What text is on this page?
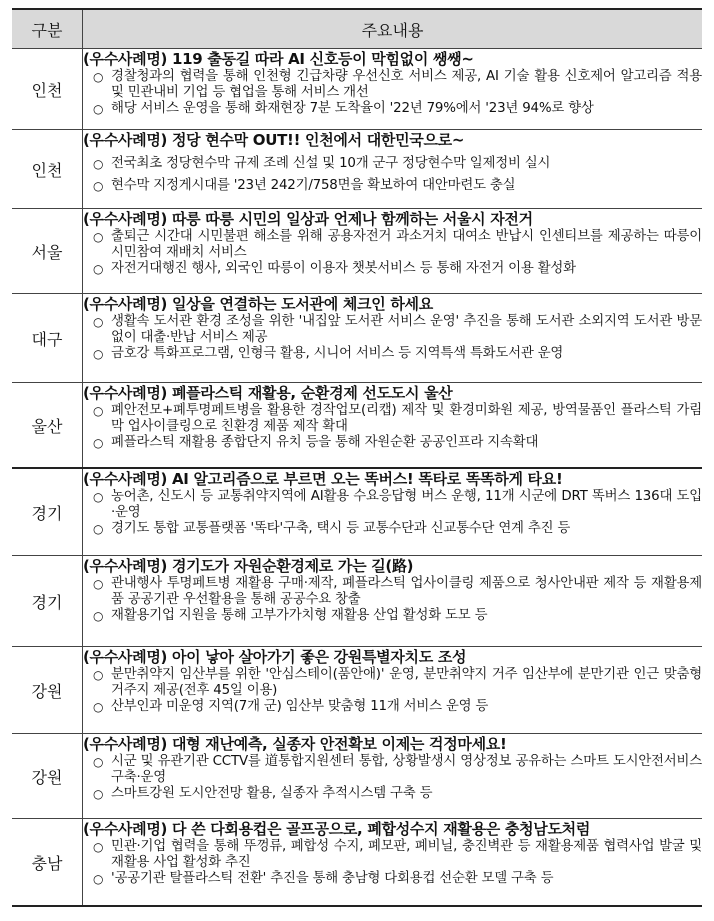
구분	주요내용
인천	(우수사례명) 119 출동길 따라 AI 신호등이 막힘없이 쌩쌩~
○ 경찰청과의 협력을 통해 인천형 긴급차량 우선신호 서비스 제공, AI 기술 활용 신호제어 알고리즘 적용 및 민관내비 기업 등 협업을 통해 서비스 개선
○ 해당 서비스 운영을 통해 화재현장 7분 도착율이 '22년 79%에서 '23년 94%로 향상

인천	(우수사례명) 정당 현수막 OUT!! 인천에서 대한민국으로~
○ 전국최초 정당현수막 규제 조례 신설 및 10개 군구 정당현수막 일제정비 실시
○ 현수막 지정게시대를 '23년 242기/758면을 확보하여 대안마련도 충실

서울	(우수사례명) 따릉 따릉 시민의 일상과 언제나 함께하는 서울시 자전거
○ 출퇴근 시간대 시민불편 해소를 위해 공용자전거 과소거치 대여소 반납시 인센티브를 제공하는 따릉이 시민참여 재배치 서비스
○ 자전거대행진 행사, 외국인 따릉이 이용자 챗봇서비스 등 통해 자전거 이용 활성화

대구	(우수사례명) 일상을 연결하는 도서관에 체크인 하세요
○ 생활속 도서관 환경 조성을 위한 '내집앞 도서관 서비스 운영' 추진을 통해 도서관 소외지역 도서관 방문없이 대출·반납 서비스 제공
○ 금호강 특화프로그램, 인형극 활용, 시니어 서비스 등 지역특색 특화도서관 운영

울산	(우수사례명) 폐플라스틱 재활용, 순환경제 선도도시 울산
○ 폐안전모+폐투명페트병을 활용한 경작업모(리캡) 제작 및 환경미화원 제공, 방역물품인 플라스틱 가림막 업사이클링으로 친환경 제품 제작 확대
○ 폐플라스틱 재활용 종합단지 유치 등을 통해 자원순환 공공인프라 지속확대

경기	(우수사례명) AI 알고리즘으로 부르면 오는 똑버스! 똑타로 똑똑하게 타요!
○ 농어촌, 신도시 등 교통취약지역에 AI활용 수요응답형 버스 운행, 11개 시군에 DRT 똑버스 136대 도입·운영
○ 경기도 통합 교통플랫폼 '똑타'구축, 택시 등 교통수단과 신교통수단 연계 추진 등

경기	(우수사례명) 경기도가 자원순환경제로 가는 길(路)
○ 관내행사 투명페트병 재활용 구매·제작, 폐플라스틱 업사이클링 제품으로 청사안내판 제작 등 재활용제품 공공기관 우선활용을 통해 공공수요 창출
○ 재활용기업 지원을 통해 고부가가치형 재활용 산업 활성화 도모 등

강원	(우수사례명) 아이 낳아 살아가기 좋은 강원특별자치도 조성
○ 분만취약지 임산부를 위한 '안심스테이(품안애)' 운영, 분만취약지 거주 임산부에 분만기관 인근 맞춤형 거주지 제공(전후 45일 이용)
○ 산부인과 미운영 지역(7개 군) 임산부 맞춤형 11개 서비스 운영 등

강원	(우수사례명) 대형 재난예측, 실종자 안전확보 이제는 걱정마세요!
○ 시군 및 유관기관 CCTV를 道통합지원센터 통합, 상황발생시 영상정보 공유하는 스마트 도시안전서비스 구축·운영
○ 스마트강원 도시안전망 활용, 실종자 추적시스템 구축 등

충남	(우수사례명) 다 쓴 다회용컵은 골프공으로, 폐합성수지 재활용은 충청남도처럼
○ 민관·기업 협력을 통해 뚜껑류, 폐합성 수지, 폐모판, 폐비닐, 충진벽관 등 재활용제품 협력사업 발굴 및 재활용 사업 활성화 추진
○ '공공기관 탈플라스틱 전환' 추진을 통해 충남형 다회용컵 선순환 모델 구축 등
